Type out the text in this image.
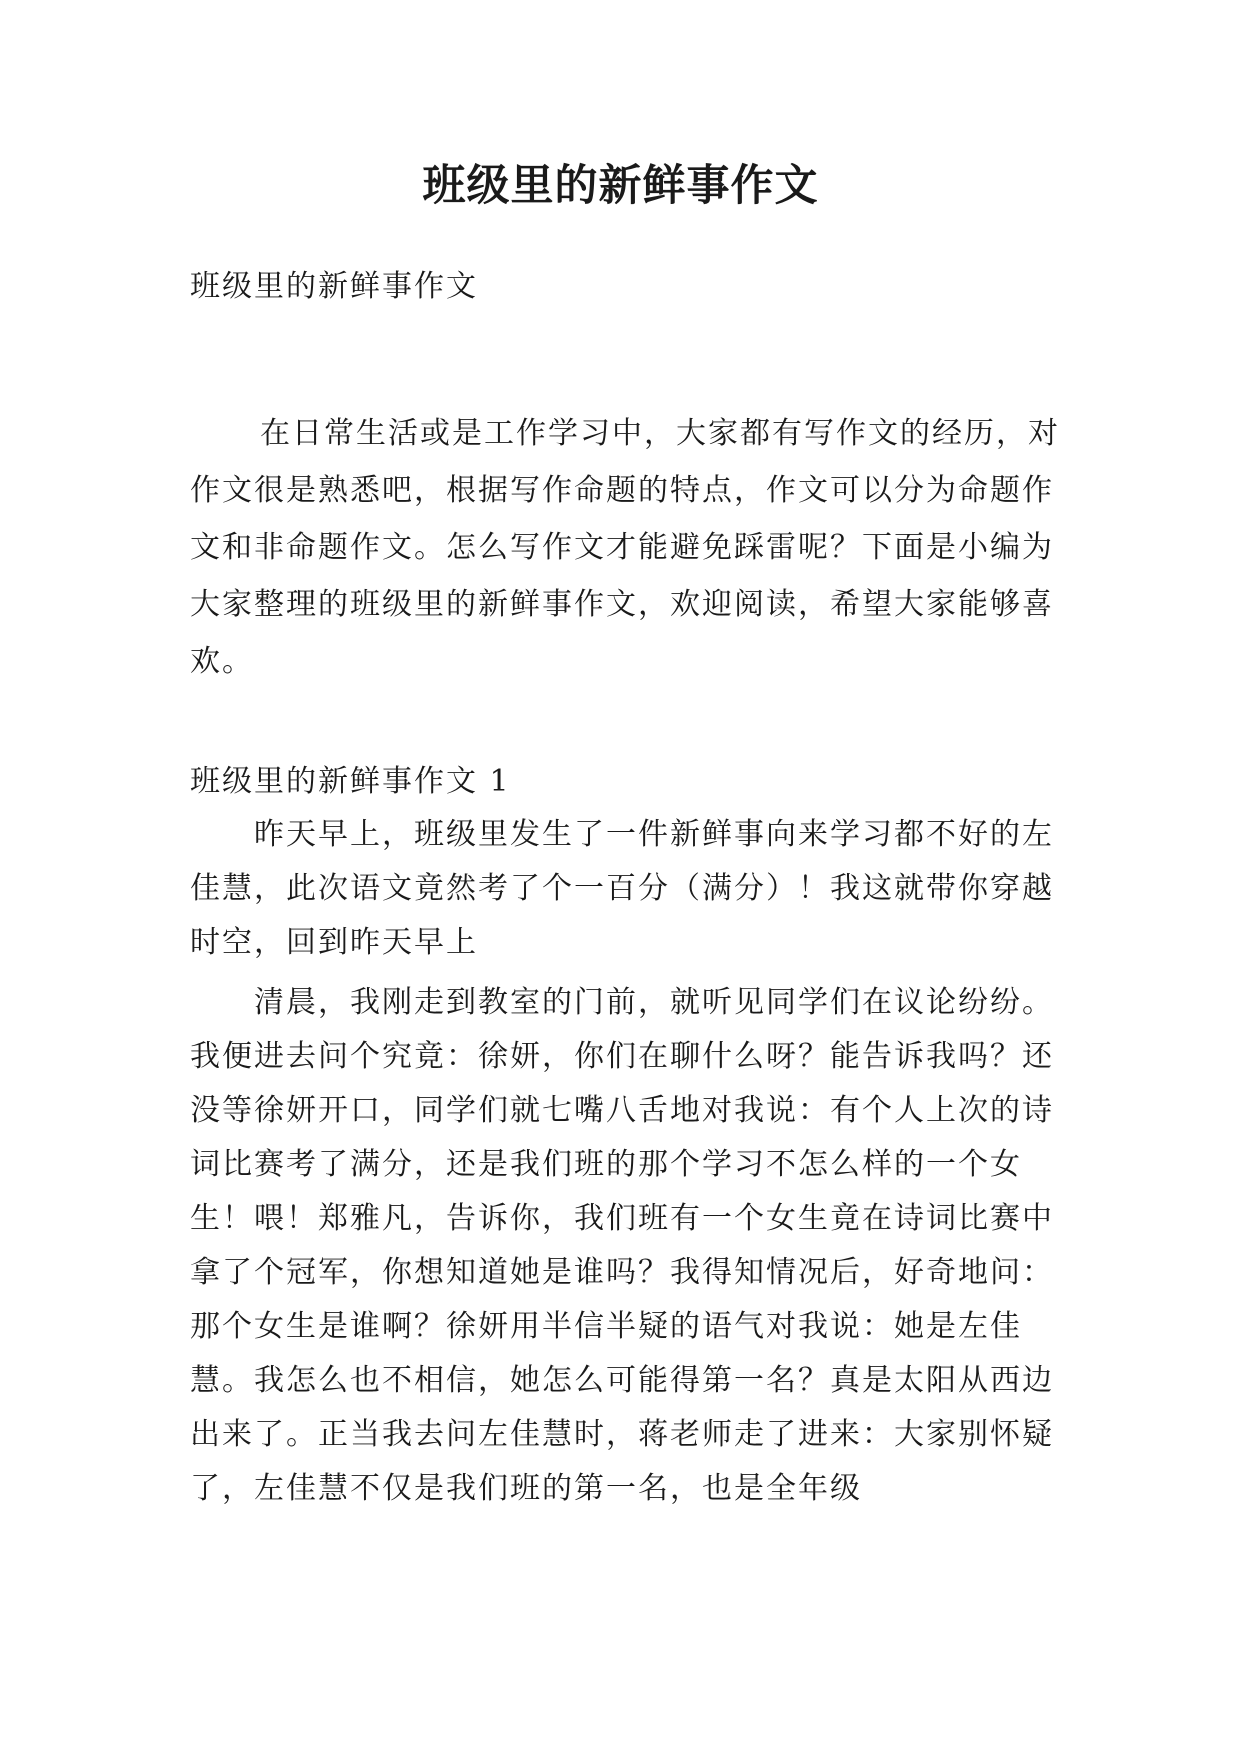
班级里的新鲜事作文

班级里的新鲜事作文

在日常生活或是工作学习中，大家都有写作文的经历，对作文很是熟悉吧，根据写作命题的特点，作文可以分为命题作文和非命题作文。怎么写作文才能避免踩雷呢？下面是小编为大家整理的班级里的新鲜事作文，欢迎阅读，希望大家能够喜欢。

班级里的新鲜事作文 1

昨天早上，班级里发生了一件新鲜事向来学习都不好的左佳慧，此次语文竟然考了个一百分（满分）！我这就带你穿越时空，回到昨天早上

清晨，我刚走到教室的门前，就听见同学们在议论纷纷。我便进去问个究竟：徐妍，你们在聊什么呀？能告诉我吗？还没等徐妍开口，同学们就七嘴八舌地对我说：有个人上次的诗词比赛考了满分，还是我们班的那个学习不怎么样的一个女生！喂！郑雅凡，告诉你，我们班有一个女生竟在诗词比赛中拿了个冠军，你想知道她是谁吗？我得知情况后，好奇地问：那个女生是谁啊？徐妍用半信半疑的语气对我说：她是左佳慧。我怎么也不相信，她怎么可能得第一名？真是太阳从西边出来了。正当我去问左佳慧时，蒋老师走了进来：大家别怀疑了，左佳慧不仅是我们班的第一名，也是全年级
